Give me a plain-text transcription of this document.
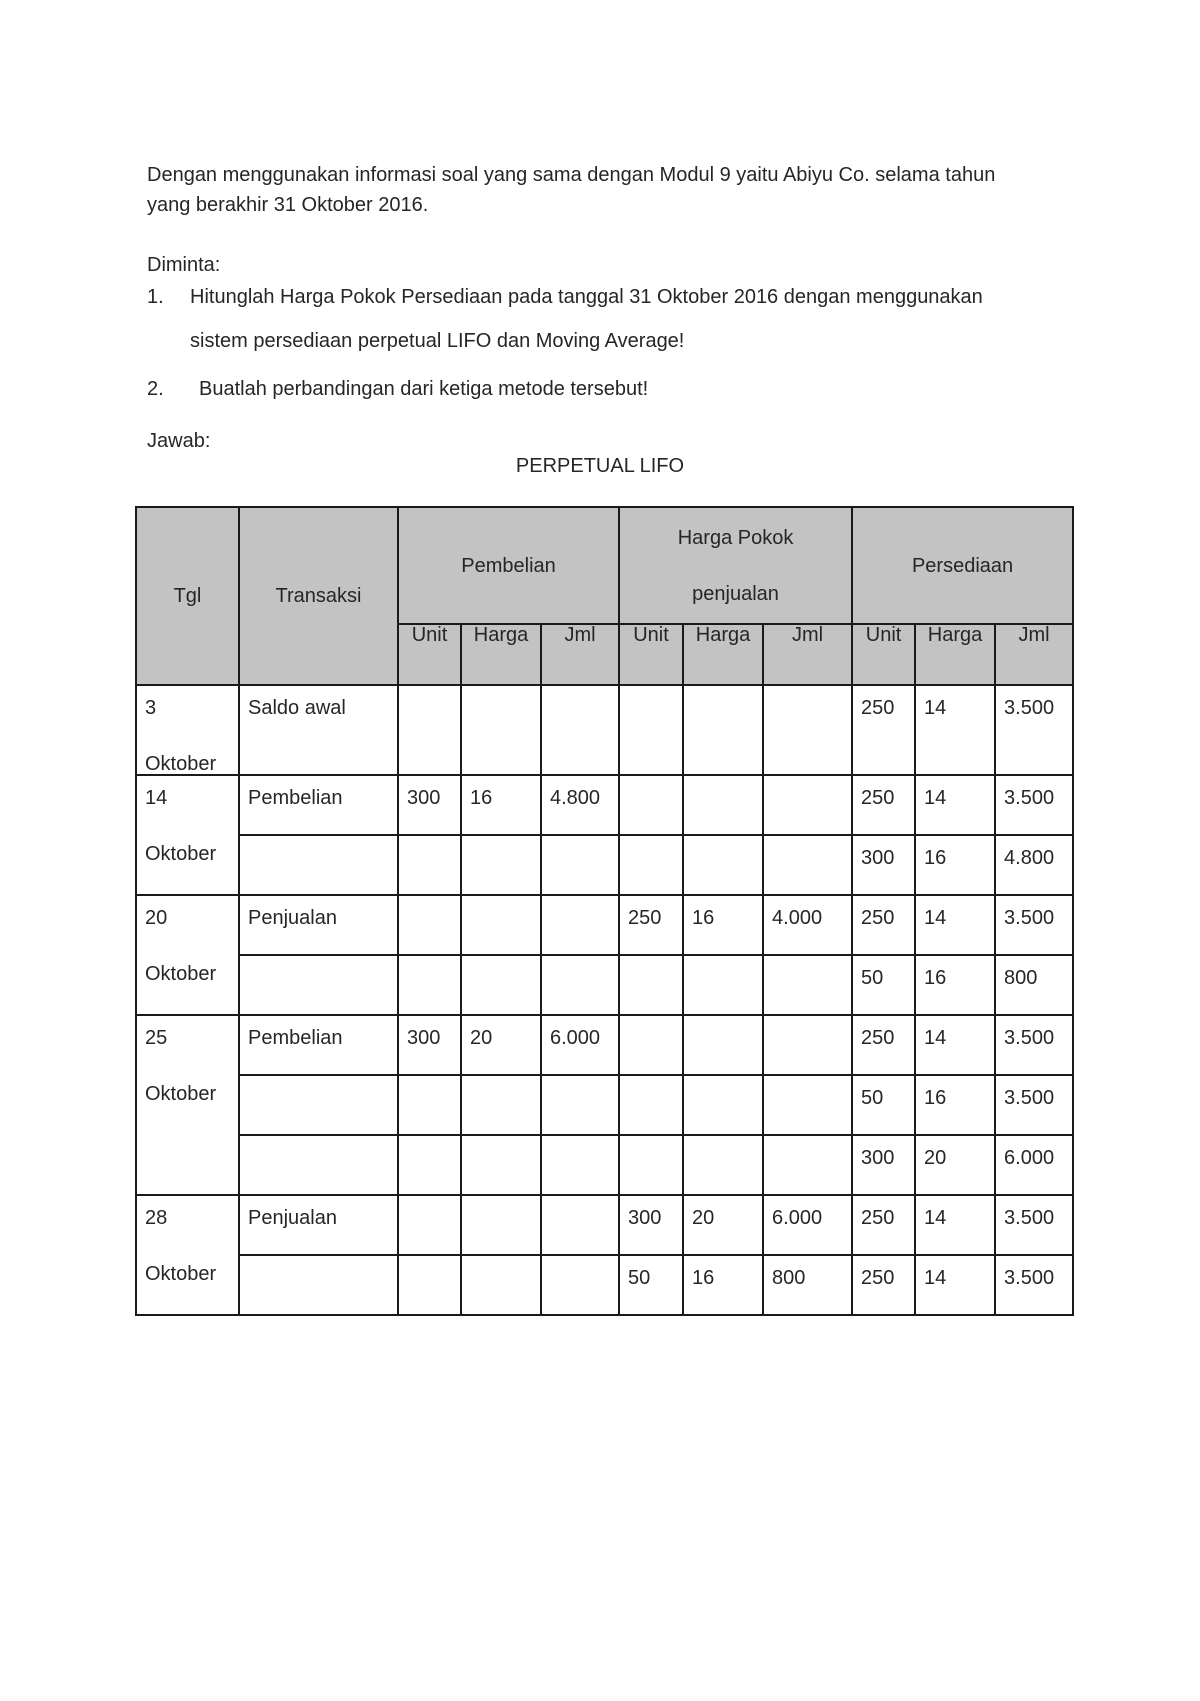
Dengan menggunakan informasi soal yang sama dengan Modul 9 yaitu Abiyu Co. selama tahun

yang berakhir 31 Oktober 2016.

Diminta:

1. Hitunglah Harga Pokok Persediaan pada tanggal 31 Oktober 2016 dengan menggunakan
sistem persediaan perpetual LIFO dan Moving Average!
2. Buatlah perbandingan dari ketiga metode tersebut!

Jawab:

PERPETUAL LIFO
Tgl	Transaksi	Pembelian			Harga Pokok
penjualan			Persediaan		
		Unit	Harga	Jml	Unit	Harga	Jml	Unit	Harga	Jml
3
Oktober	Saldo awal							250	14	3.500
14
Oktober	Pembelian	300	16	4.800				250	14	3.500
								300	16	4.800
20
Oktober	Penjualan				250	16	4.000	250	14	3.500
								50	16	800
25
Oktober	Pembelian	300	20	6.000				250	14	3.500
								50	16	3.500
								300	20	6.000
28
Oktober	Penjualan				300	20	6.000	250	14	3.500
					50	16	800	250	14	3.500
